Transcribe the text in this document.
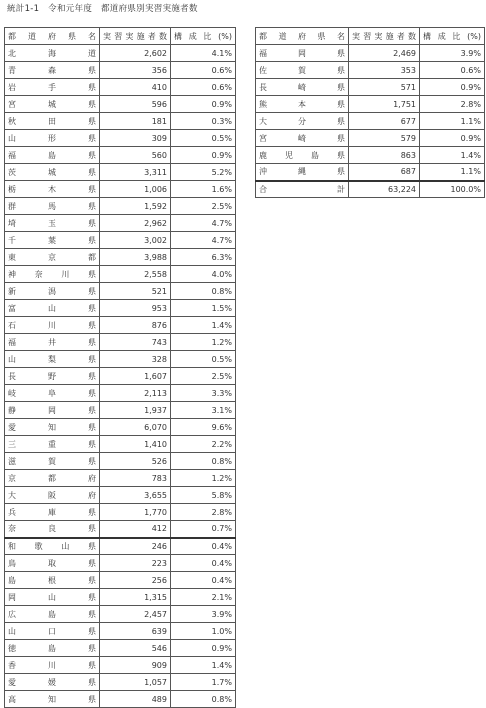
統計1-1　令和元年度　都道府県別実習実施者数
都道府県名	実習実施者数	構 成 比 (%)
北海道	2,602	4.1%
青森県	356	0.6%
岩手県	410	0.6%
宮城県	596	0.9%
秋田県	181	0.3%
山形県	309	0.5%
福島県	560	0.9%
茨城県	3,311	5.2%
栃木県	1,006	1.6%
群馬県	1,592	2.5%
埼玉県	2,962	4.7%
千葉県	3,002	4.7%
東京都	3,988	6.3%
神奈川県	2,558	4.0%
新潟県	521	0.8%
富山県	953	1.5%
石川県	876	1.4%
福井県	743	1.2%
山梨県	328	0.5%
長野県	1,607	2.5%
岐阜県	2,113	3.3%
静岡県	1,937	3.1%
愛知県	6,070	9.6%
三重県	1,410	2.2%
滋賀県	526	0.8%
京都府	783	1.2%
大阪府	3,655	5.8%
兵庫県	1,770	2.8%
奈良県	412	0.7%
和歌山県	246	0.4%
鳥取県	223	0.4%
島根県	256	0.4%
岡山県	1,315	2.1%
広島県	2,457	3.9%
山口県	639	1.0%
徳島県	546	0.9%
香川県	909	1.4%
愛媛県	1,057	1.7%
高知県	489	0.8%
都道府県名	実習実施者数	構 成 比 (%)
福岡県	2,469	3.9%
佐賀県	353	0.6%
長崎県	571	0.9%
熊本県	1,751	2.8%
大分県	677	1.1%
宮崎県	579	0.9%
鹿児島県	863	1.4%
沖縄県	687	1.1%
合計	63,224	100.0%
